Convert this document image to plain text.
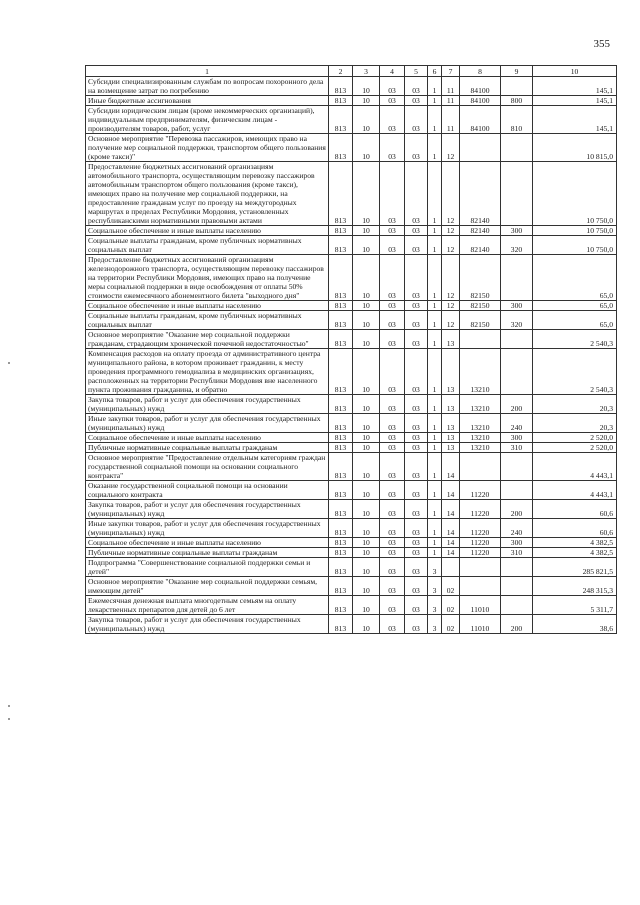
355
1	2	3	4	5	6	7	8	9	10
Субсидии специализированным службам по вопросам похоронного дела на возмещение затрат по погребению	813	10	03	03	1	11	84100		145,1
Иные бюджетные ассигнования	813	10	03	03	1	11	84100	800	145,1
Субсидии юридическим лицам (кроме некоммерческих организаций), индивидуальным предпринимателям, физическим лицам - производителям товаров, работ, услуг	813	10	03	03	1	11	84100	810	145,1
Основное мероприятие "Перевозка пассажиров, имеющих право на получение мер социальной поддержки, транспортом общего пользования (кроме такси)"	813	10	03	03	1	12			10 815,0
Предоставление бюджетных ассигнований организациям автомобильного транспорта, осуществляющим перевозку пассажиров автомобильным транспортом общего пользования (кроме такси), имеющих право на получение мер социальной поддержки, на предоставление гражданам услуг по проезду на междугородных маршрутах в пределах Республики Мордовия, установленных республиканскими нормативными правовыми актами	813	10	03	03	1	12	82140		10 750,0
Социальное обеспечение и иные выплаты населению	813	10	03	03	1	12	82140	300	10 750,0
Социальные выплаты гражданам, кроме публичных нормативных социальных выплат	813	10	03	03	1	12	82140	320	10 750,0
Предоставление бюджетных ассигнований организациям железнодорожного транспорта, осуществляющим перевозку пассажиров на территории Республики Мордовия, имеющих право на получение меры социальной поддержки в виде освобождения от оплаты 50% стоимости ежемесячного абонементного билета "выходного дня"	813	10	03	03	1	12	82150		65,0
Социальное обеспечение и иные выплаты населению	813	10	03	03	1	12	82150	300	65,0
Социальные выплаты гражданам, кроме публичных нормативных социальных выплат	813	10	03	03	1	12	82150	320	65,0
Основное мероприятие "Оказание мер социальной поддержки гражданам, страдающим хронической почечной недостаточностью"	813	10	03	03	1	13			2 540,3
Компенсация расходов на оплату проезда от административного центра муниципального района, в котором проживает гражданин, к месту проведения программного гемодиализа в медицинских организациях, расположенных на территории Республики Мордовия вне населенного пункта проживания гражданина, и обратно	813	10	03	03	1	13	13210		2 540,3
Закупка товаров, работ и услуг для обеспечения государственных (муниципальных) нужд	813	10	03	03	1	13	13210	200	20,3
Иные закупки товаров, работ и услуг для обеспечения государственных (муниципальных) нужд	813	10	03	03	1	13	13210	240	20,3
Социальное обеспечение и иные выплаты населению	813	10	03	03	1	13	13210	300	2 520,0
Публичные нормативные социальные выплаты гражданам	813	10	03	03	1	13	13210	310	2 520,0
Основное мероприятие "Предоставление отдельным категориям граждан государственной социальной помощи на основании социального контракта"	813	10	03	03	1	14			4 443,1
Оказание государственной социальной помощи на основании социального контракта	813	10	03	03	1	14	11220		4 443,1
Закупка товаров, работ и услуг для обеспечения государственных (муниципальных) нужд	813	10	03	03	1	14	11220	200	60,6
Иные закупки товаров, работ и услуг для обеспечения государственных (муниципальных) нужд	813	10	03	03	1	14	11220	240	60,6
Социальное обеспечение и иные выплаты населению	813	10	03	03	1	14	11220	300	4 382,5
Публичные нормативные социальные выплаты гражданам	813	10	03	03	1	14	11220	310	4 382,5
Подпрограмма "Совершенствование социальной поддержки семьи и детей"	813	10	03	03	3				285 821,5
Основное мероприятие "Оказание мер социальной поддержки семьям, имеющим детей"	813	10	03	03	3	02			248 315,3
Ежемесячная денежная выплата многодетным семьям на оплату лекарственных препаратов для детей до 6 лет	813	10	03	03	3	02	11010		5 311,7
Закупка товаров, работ и услуг для обеспечения государственных (муниципальных) нужд	813	10	03	03	3	02	11010	200	38,6
